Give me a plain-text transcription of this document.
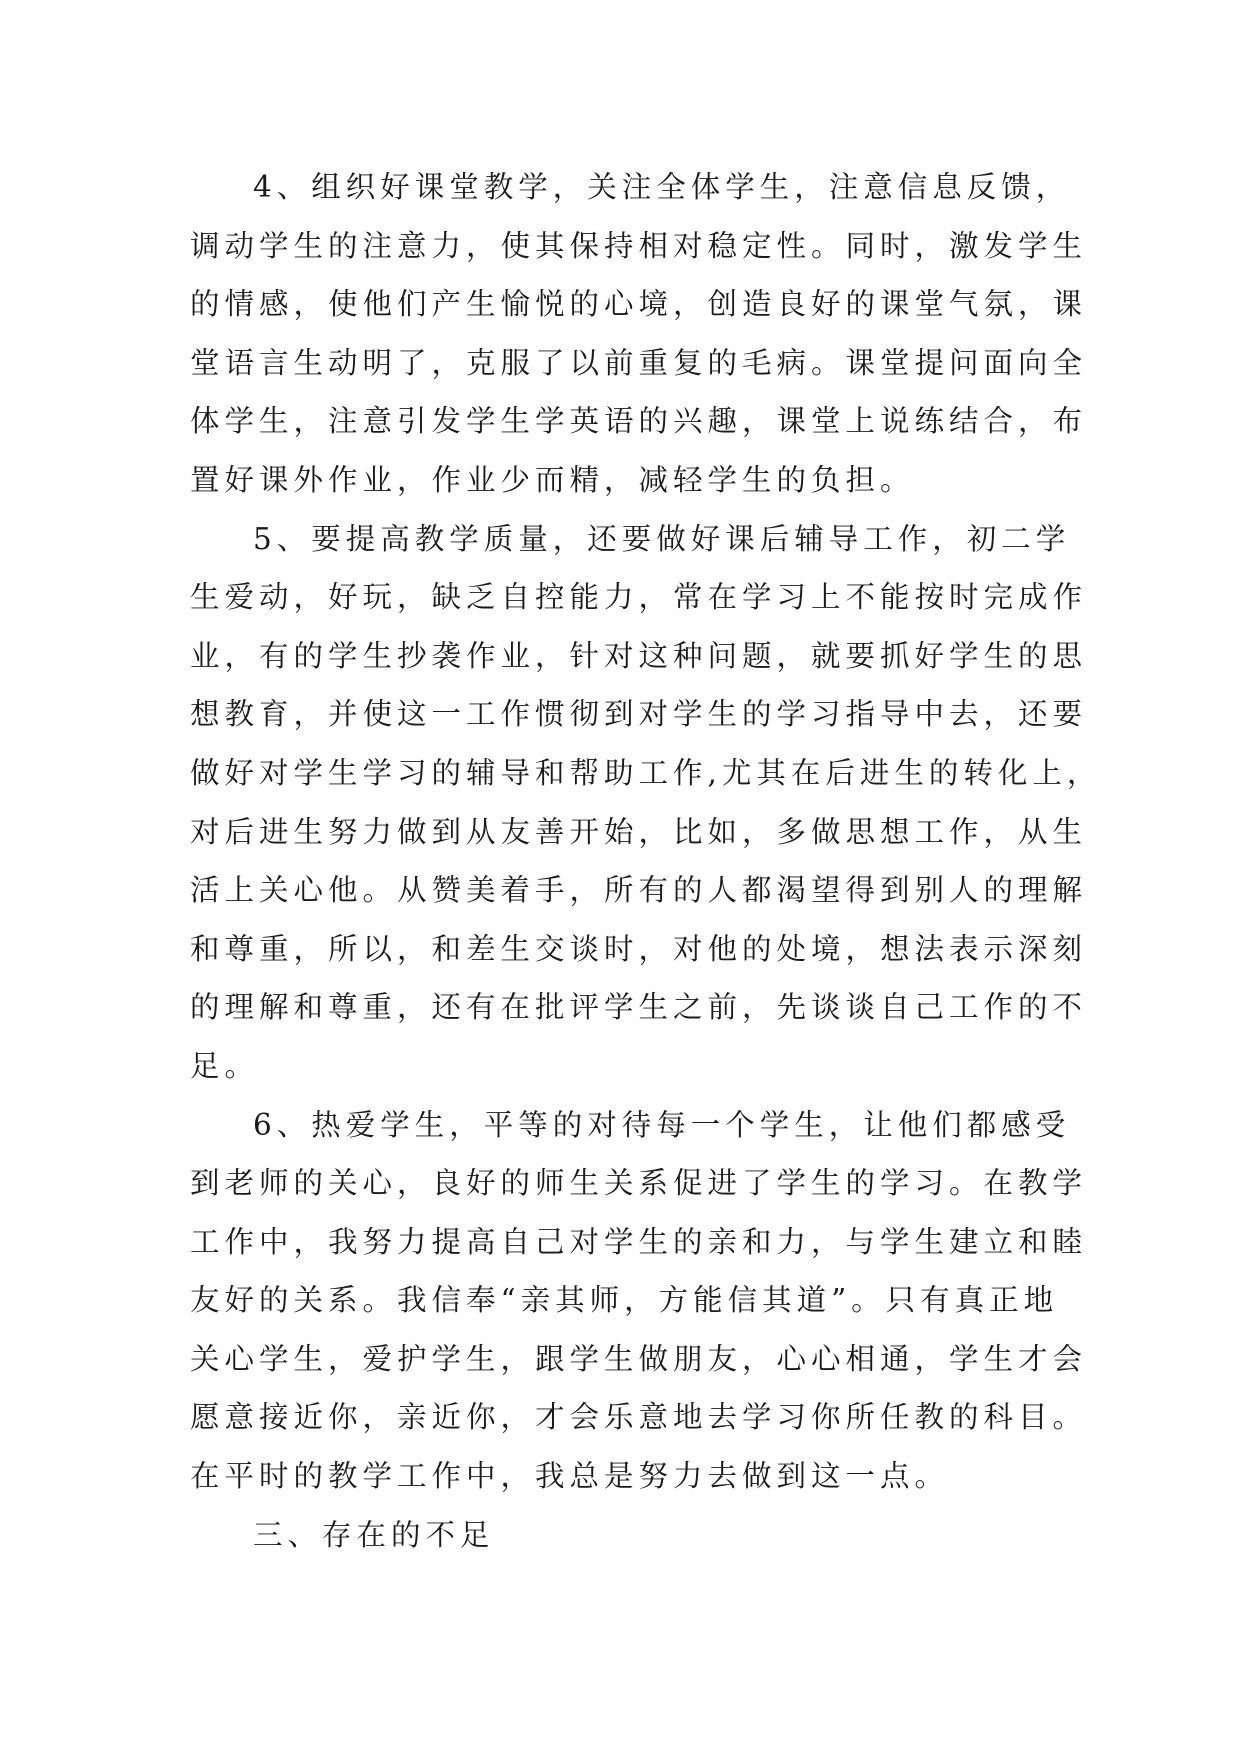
4、组织好课堂教学，关注全体学生，注意信息反馈，
调动学生的注意力，使其保持相对稳定性。同时，激发学生
的情感，使他们产生愉悦的心境，创造良好的课堂气氛，课
堂语言生动明了，克服了以前重复的毛病。课堂提问面向全
体学生，注意引发学生学英语的兴趣，课堂上说练结合，布
置好课外作业，作业少而精，减轻学生的负担。
5、要提高教学质量，还要做好课后辅导工作，初二学
生爱动，好玩，缺乏自控能力，常在学习上不能按时完成作
业，有的学生抄袭作业，针对这种问题，就要抓好学生的思
想教育，并使这一工作惯彻到对学生的学习指导中去，还要
做好对学生学习的辅导和帮助工作,尤其在后进生的转化上，
对后进生努力做到从友善开始，比如，多做思想工作，从生
活上关心他。从赞美着手，所有的人都渴望得到别人的理解
和尊重，所以，和差生交谈时，对他的处境，想法表示深刻
的理解和尊重，还有在批评学生之前，先谈谈自己工作的不
足。
6、热爱学生，平等的对待每一个学生，让他们都感受
到老师的关心，良好的师生关系促进了学生的学习。在教学
工作中，我努力提高自己对学生的亲和力，与学生建立和睦
友好的关系。我信奉“亲其师，方能信其道”。只有真正地
关心学生，爱护学生，跟学生做朋友，心心相通，学生才会
愿意接近你，亲近你，才会乐意地去学习你所任教的科目。
在平时的教学工作中，我总是努力去做到这一点。
三、存在的不足
